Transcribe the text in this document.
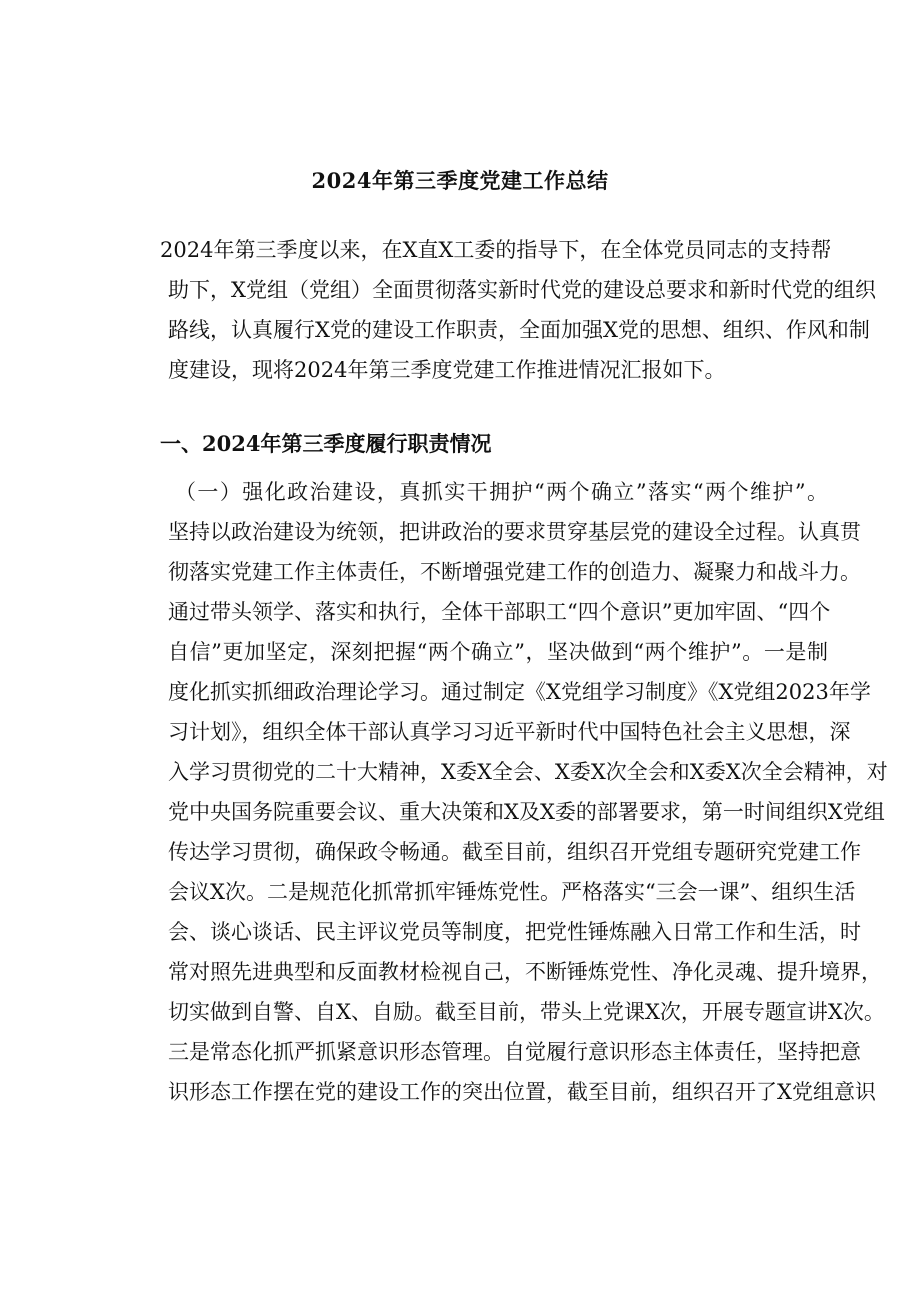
2024年第三季度党建工作总结
2024年第三季度以来，在X直X工委的指导下，在全体党员同志的支持帮
助下，X党组（党组）全面贯彻落实新时代党的建设总要求和新时代党的组织
路线，认真履行X党的建设工作职责，全面加强X党的思想、组织、作风和制
度建设，现将2024年第三季度党建工作推进情况汇报如下。
一、2024年第三季度履行职责情况
（一）强化政治建设，真抓实干拥护“两个确立”落实“两个维护”。
坚持以政治建设为统领，把讲政治的要求贯穿基层党的建设全过程。认真贯
彻落实党建工作主体责任，不断增强党建工作的创造力、凝聚力和战斗力。
通过带头领学、落实和执行，全体干部职工“四个意识”更加牢固、“四个
自信”更加坚定，深刻把握“两个确立”，坚决做到“两个维护”。一是制
度化抓实抓细政治理论学习。通过制定《X党组学习制度》《X党组2023年学
习计划》，组织全体干部认真学习习近平新时代中国特色社会主义思想，深
入学习贯彻党的二十大精神，X委X全会、X委X次全会和X委X次全会精神，对
党中央国务院重要会议、重大决策和X及X委的部署要求，第一时间组织X党组
传达学习贯彻，确保政令畅通。截至目前，组织召开党组专题研究党建工作
会议X次。二是规范化抓常抓牢锤炼党性。严格落实“三会一课”、组织生活
会、谈心谈话、民主评议党员等制度，把党性锤炼融入日常工作和生活，时
常对照先进典型和反面教材检视自己，不断锤炼党性、净化灵魂、提升境界，
切实做到自警、自X、自励。截至目前，带头上党课X次，开展专题宣讲X次。
三是常态化抓严抓紧意识形态管理。自觉履行意识形态主体责任，坚持把意
识形态工作摆在党的建设工作的突出位置，截至目前，组织召开了X党组意识
